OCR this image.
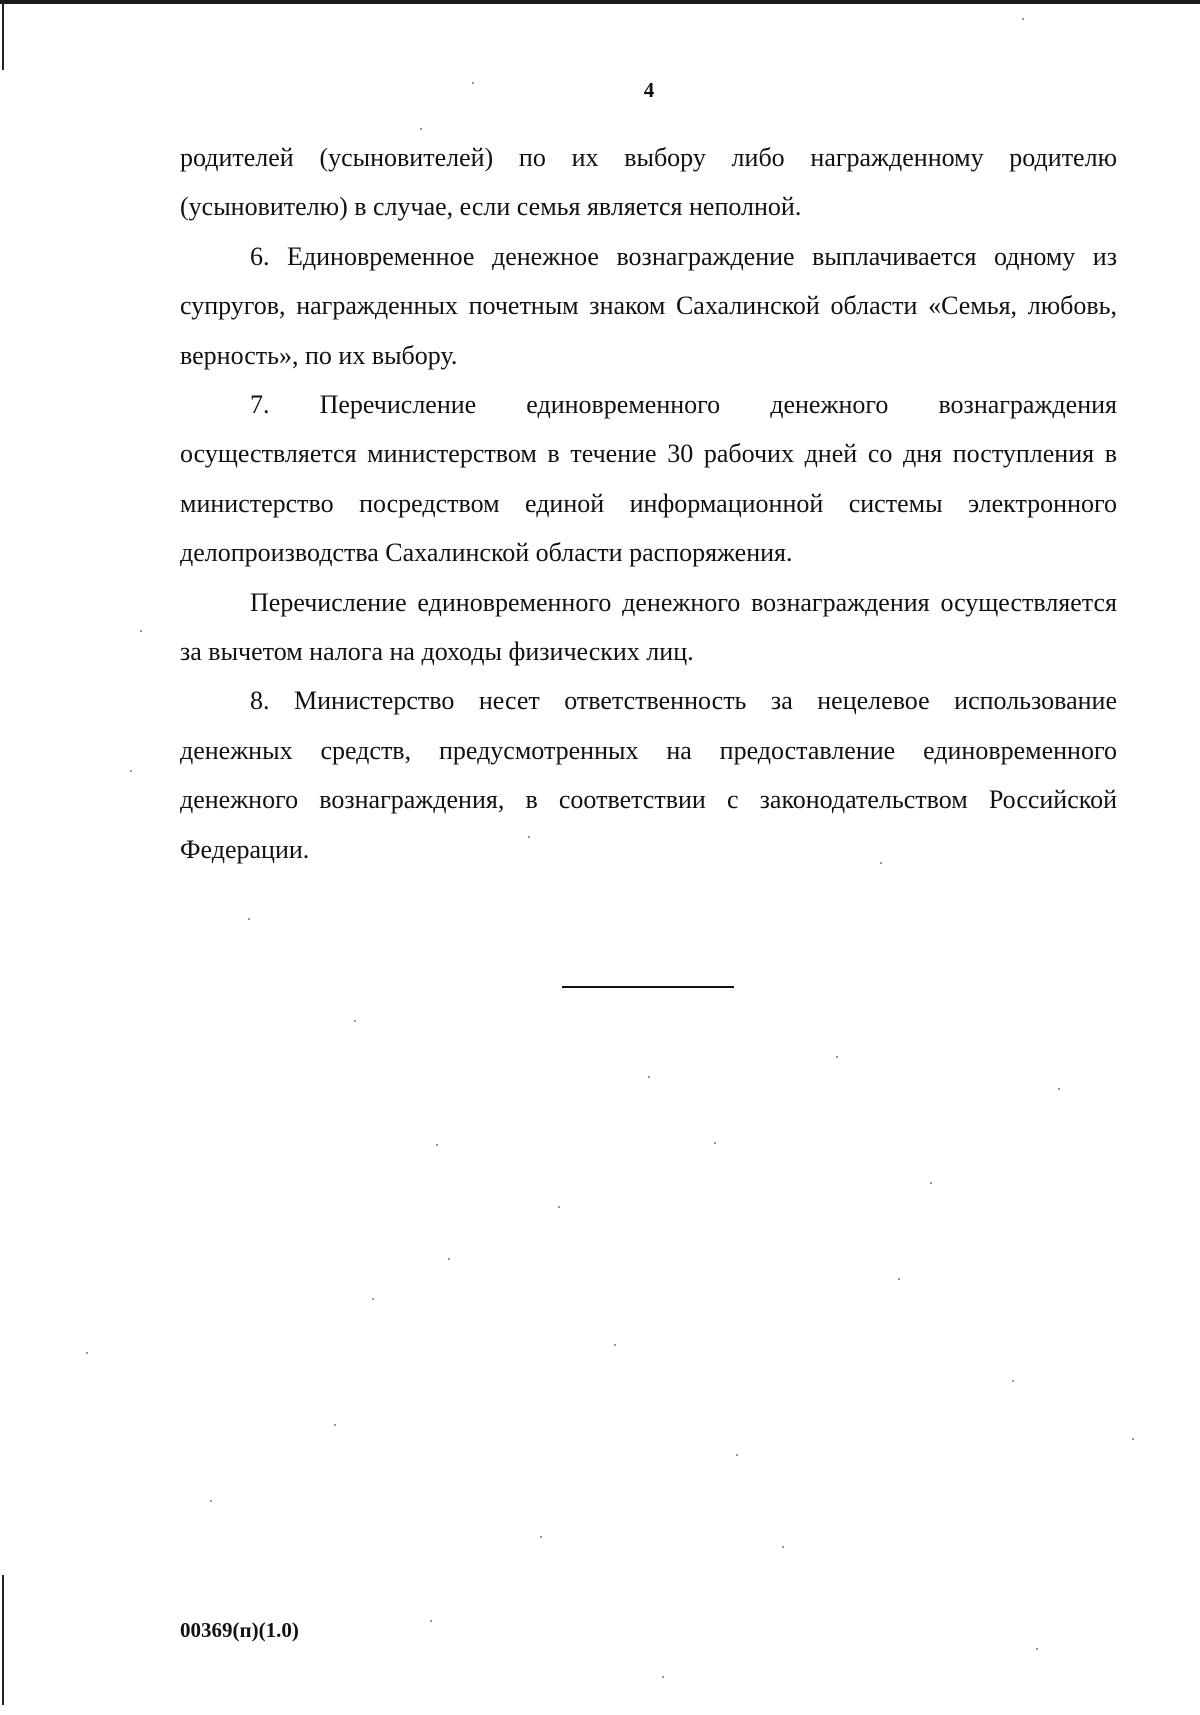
4

родителей (усыновителей) по их выбору либо награжденному родителю (усыновителю) в случае, если семья является неполной.

6. Единовременное денежное вознаграждение выплачивается одному из супругов, награжденных почетным знаком Сахалинской области «Семья, любовь, верность», по их выбору.

7. Перечисление единовременного денежного вознаграждения осуществляется министерством в течение 30 рабочих дней со дня поступления в министерство посредством единой информационной системы электронного делопроизводства Сахалинской области распоряжения.

Перечисление единовременного денежного вознаграждения осуществляется за вычетом налога на доходы физических лиц.

8. Министерство несет ответственность за нецелевое использование денежных средств, предусмотренных на предоставление единовременного денежного вознаграждения, в соответствии с законодательством Российской Федерации.

00369(п)(1.0)
